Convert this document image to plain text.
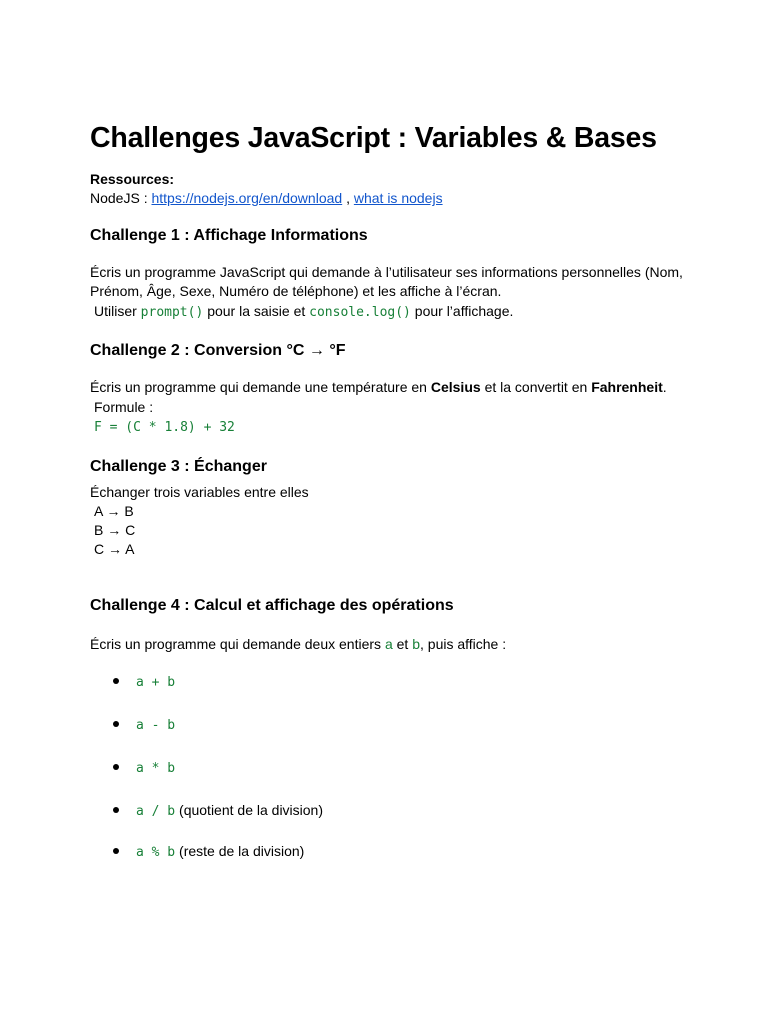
Challenges JavaScript : Variables & Bases
Ressources:
NodeJS : https://nodejs.org/en/download , what is nodejs
Challenge 1 : Affichage Informations
Écris un programme JavaScript qui demande à l’utilisateur ses informations personnelles (Nom,
Prénom, Âge, Sexe, Numéro de téléphone) et les affiche à l’écran.
Utiliser prompt() pour la saisie et console.log() pour l’affichage.
Challenge 2 : Conversion °C → °F
Écris un programme qui demande une température en Celsius et la convertit en Fahrenheit.
Formule :
F = (C * 1.8) + 32
Challenge 3 : Échanger
Échanger trois variables entre elles
A → B
B → C
C → A
Challenge 4 : Calcul et affichage des opérations
Écris un programme qui demande deux entiers a et b, puis affiche :
a + b
a - b
a * b
a / b (quotient de la division)
a % b (reste de la division)
